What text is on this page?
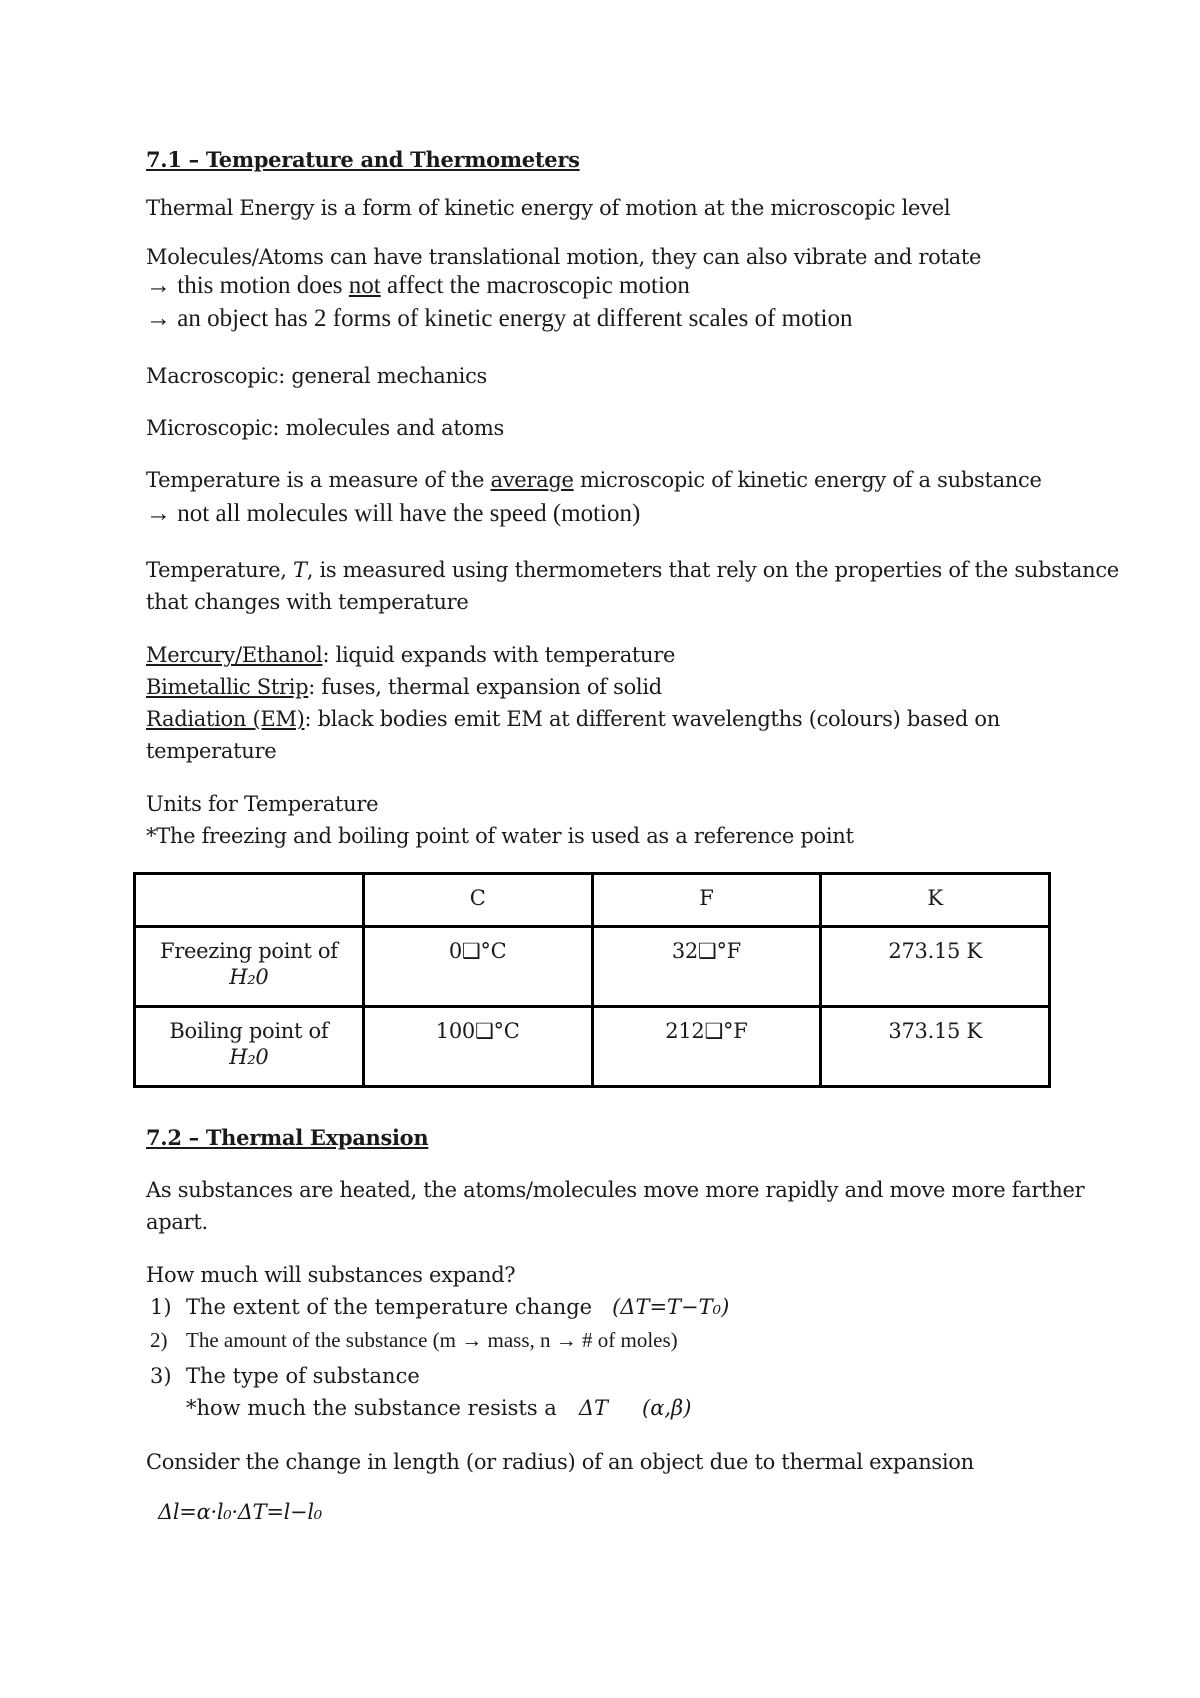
7.1 – Temperature and Thermometers
Thermal Energy is a form of kinetic energy of motion at the microscopic level
Molecules/Atoms can have translational motion, they can also vibrate and rotate
→ this motion does not affect the macroscopic motion
→ an object has 2 forms of kinetic energy at different scales of motion
Macroscopic: general mechanics
Microscopic: molecules and atoms
Temperature is a measure of the average microscopic of kinetic energy of a substance
→ not all molecules will have the speed (motion)
Temperature, T, is measured using thermometers that rely on the properties of the substance
that changes with temperature
Mercury/Ethanol: liquid expands with temperature
Bimetallic Strip: fuses, thermal expansion of solid
Radiation (EM): black bodies emit EM at different wavelengths (colours) based on
temperature
Units for Temperature
*The freezing and boiling point of water is used as a reference point
	C	F	K

Freezing point of
H₂0	0❑°C	32❑°F	273.15 K

Boiling point of
H₂0	100❑°C	212❑°F	373.15 K
7.2 – Thermal Expansion
As substances are heated, the atoms/molecules move more rapidly and move more farther
apart.
How much will substances expand?
1) The extent of the temperature change (ΔT=T−T₀)
2) The amount of the substance (m → mass, n → # of moles)
3) The type of substance
*how much the substance resists a ΔT (α,β)
Consider the change in length (or radius) of an object due to thermal expansion
Δl=α·l₀·ΔT=l−l₀
